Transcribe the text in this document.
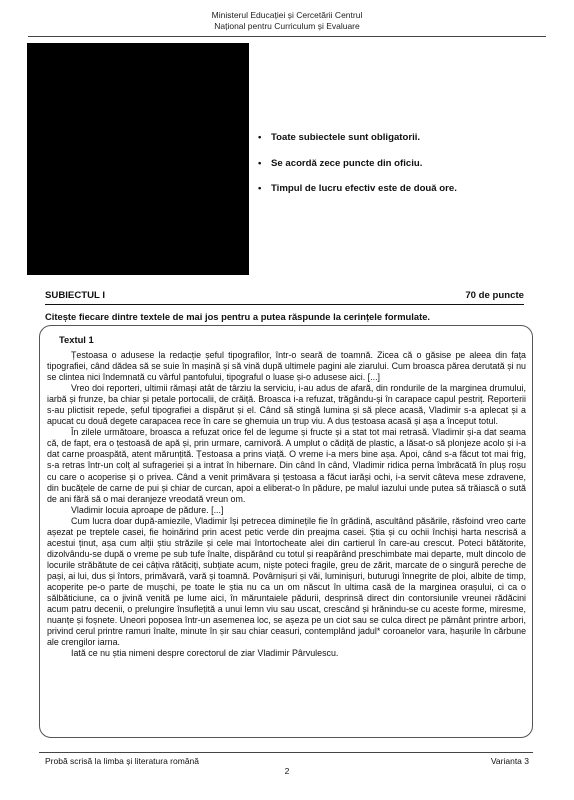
Ministerul Educației și Cercetării Centrul
Național pentru Curriculum și Evaluare
• Toate subiectele sunt obligatorii.
• Se acordă zece puncte din oficiu.
• Timpul de lucru efectiv este de două ore.
SUBIECTUL I	70 de puncte
Citește fiecare dintre textele de mai jos pentru a putea răspunde la cerințele formulate.
Textul 1

Țestoasa o adusese la redacție șeful tipografilor, într-o seară de toamnă. Zicea că o găsise pe aleea din fața tipografiei, când dădea să se suie în mașină și să vină după ultimele pagini ale ziarului. Cum broasca părea derutată și nu se clintea nici îndemnată cu vârful pantofului, tipograful o luase și-o adusese aici. [...]

Vreo doi reporteri, ultimii rămași atât de târziu la serviciu, i-au adus de afară, din rondurile de la marginea drumului, iarbă și frunze, ba chiar și petale portocalii, de crăiță. Broasca i-a refuzat, trăgându-și în carapace capul pestriț. Reporterii s-au plictisit repede, șeful tipografiei a dispărut și el. Când să stingă lumina și să plece acasă, Vladimir s-a aplecat și a apucat cu două degete carapacea rece în care se ghemuia un trup viu. A dus țestoasa acasă și așa a început totul.

În zilele următoare, broasca a refuzat orice fel de legume și fructe și a stat tot mai retrasă. Vladimir și-a dat seama că, de fapt, era o țestoasă de apă și, prin urmare, carnivoră. A umplut o cădiță de plastic, a lăsat-o să plonjeze acolo și i-a dat carne proaspătă, atent mărunțită. Țestoasa a prins viață. O vreme i-a mers bine așa. Apoi, când s-a făcut tot mai frig, s-a retras într-un colț al sufrageriei și a intrat în hibernare. Din când în când, Vladimir ridica perna îmbrăcată în pluș roșu cu care o acoperise și o privea. Când a venit primăvara și țestoasa a făcut iarăși ochi, i-a servit câteva mese zdravene, din bucățele de carne de pui și chiar de curcan, apoi a eliberat-o în pădure, pe malul iazului unde putea să trăiască o sută de ani fără să o mai deranjeze vreodată vreun om.

Vladimir locuia aproape de pădure. [...]

Cum lucra doar după-amiezile, Vladimir își petrecea diminețile fie în grădină, ascultând păsările, răsfoind vreo carte așezat pe treptele casei, fie hoinărind prin acest petic verde din preajma casei. Știa și cu ochii închiși harta nescrisă a acestui ținut, așa cum alții știu străzile și cele mai întortocheate alei din cartierul în care-au crescut. Poteci bătătorite, dizolvându-se după o vreme pe sub tufe înalte, dispărând cu totul și reapărând preschimbate mai departe, mult dincolo de locurile străbătute de cei câțiva rătăciți, subțiate acum, niște poteci fragile, greu de zărit, marcate de o singură pereche de pași, ai lui, dus și întors, primăvară, vară și toamnă. Povârnișuri și văi, luminișuri, buturugi înnegrite de ploi, albite de timp, acoperite pe-o parte de mușchi, pe toate le știa nu ca un om născut în ultima casă de la marginea orașului, ci ca o sălbăticiune, ca o jivină venită pe lume aici, în măruntaiele pădurii, desprinsă direct din contorsiunile vreunei rădăcini acum patru decenii, o prelungire însuflețită a unui lemn viu sau uscat, crescând și hrănindu-se cu aceste forme, miresme, nuanțe și foșnete. Uneori poposea într-un asemenea loc, se așeza pe un ciot sau se culca direct pe pământ printre arbori, privind cerul printre ramuri înalte, minute în șir sau chiar ceasuri, contemplând jadul* coroanelor vara, hașurile în cărbune ale crengilor iarna.

Iată ce nu știa nimeni despre corectorul de ziar Vladimir Pârvulescu.

Probă scrisă la limba și literatura română	Varianta 3
2
